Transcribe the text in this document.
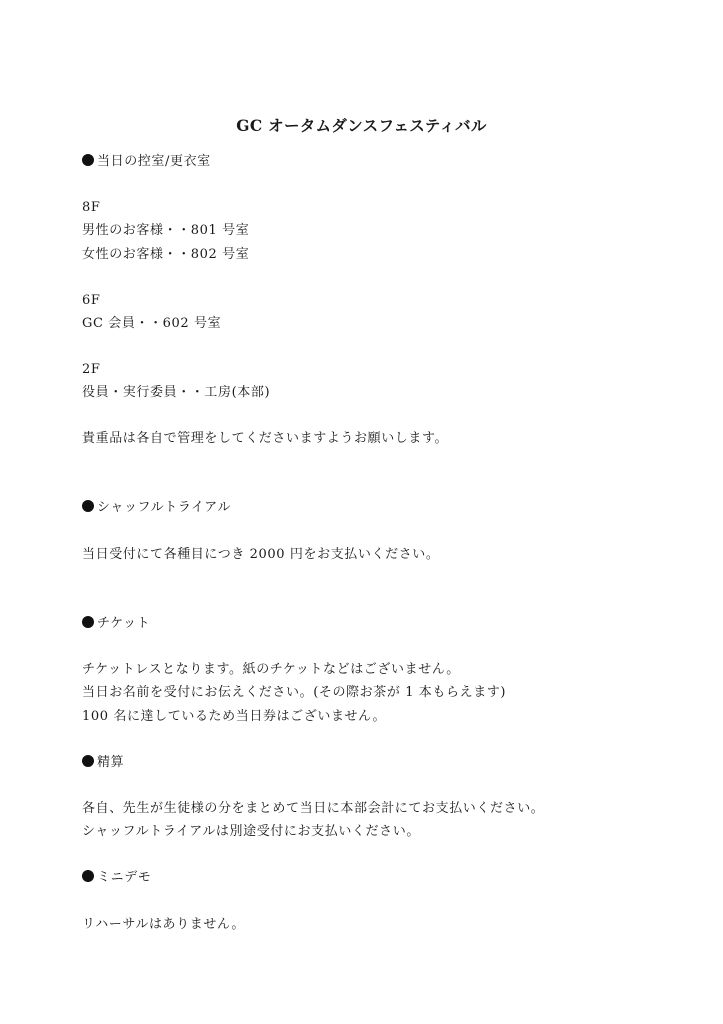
GC オータムダンスフェスティバル
当日の控室/更衣室
8F
男性のお客様・・801 号室
女性のお客様・・802 号室
6F
GC 会員・・602 号室
2F
役員・実行委員・・工房(本部)
貴重品は各自で管理をしてくださいますようお願いします。
シャッフルトライアル
当日受付にて各種目につき 2000 円をお支払いください。
チケット
チケットレスとなります。紙のチケットなどはございません。
当日お名前を受付にお伝えください。(その際お茶が 1 本もらえます)
100 名に達しているため当日券はございません。
精算
各自、先生が生徒様の分をまとめて当日に本部会計にてお支払いください。
シャッフルトライアルは別途受付にお支払いください。
ミニデモ
リハーサルはありません。
